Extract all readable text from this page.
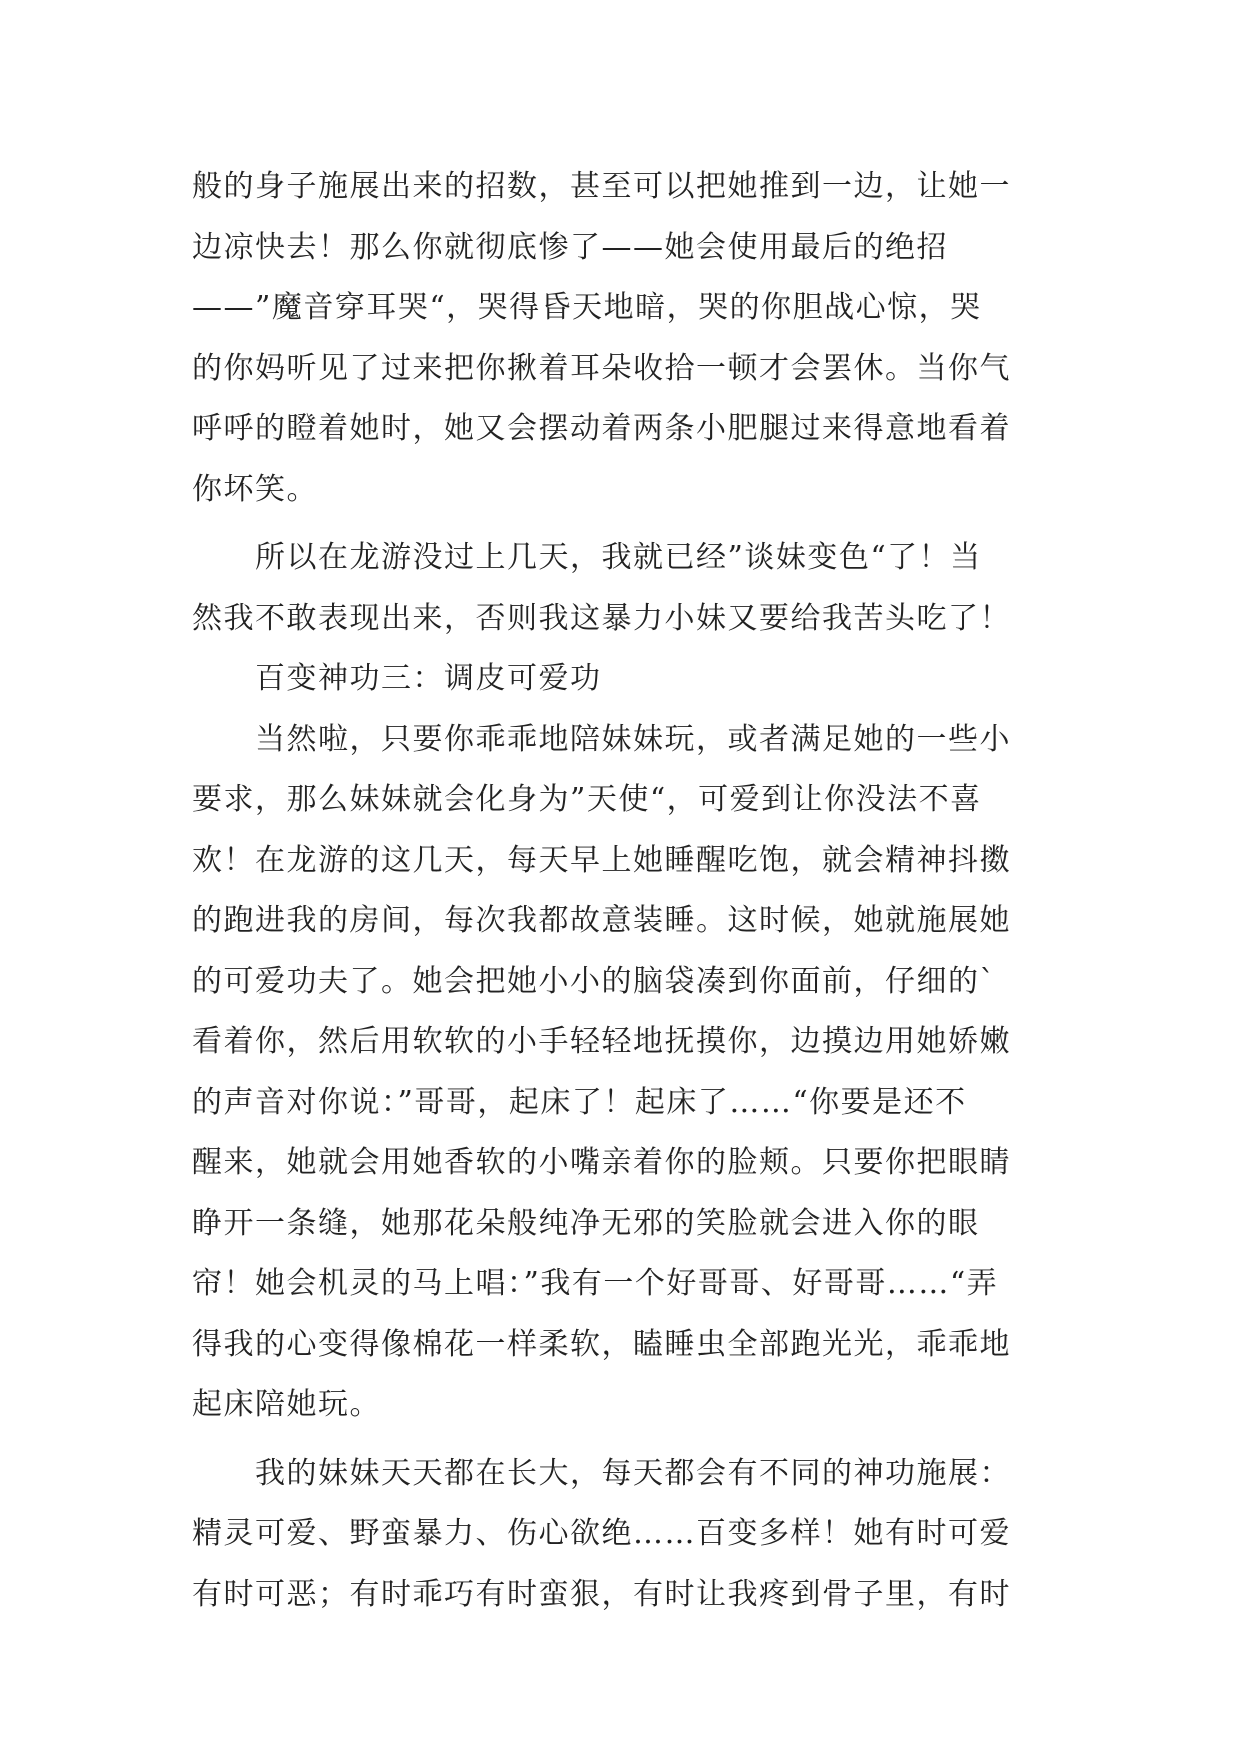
般的身子施展出来的招数，甚至可以把她推到一边，让她一
边凉快去！那么你就彻底惨了——她会使用最后的绝招
——”魔音穿耳哭“，哭得昏天地暗，哭的你胆战心惊，哭
的你妈听见了过来把你揪着耳朵收拾一顿才会罢休。当你气
呼呼的瞪着她时，她又会摆动着两条小肥腿过来得意地看着
你坏笑。
　　所以在龙游没过上几天，我就已经”谈妹变色“了！当
然我不敢表现出来，否则我这暴力小妹又要给我苦头吃了！
　　百变神功三：调皮可爱功
　　当然啦，只要你乖乖地陪妹妹玩，或者满足她的一些小
要求，那么妹妹就会化身为”天使“，可爱到让你没法不喜
欢！在龙游的这几天，每天早上她睡醒吃饱，就会精神抖擞
的跑进我的房间，每次我都故意装睡。这时候，她就施展她
的可爱功夫了。她会把她小小的脑袋凑到你面前，仔细的`
看着你，然后用软软的小手轻轻地抚摸你，边摸边用她娇嫩
的声音对你说：”哥哥，起床了！起床了……“你要是还不
醒来，她就会用她香软的小嘴亲着你的脸颊。只要你把眼睛
睁开一条缝，她那花朵般纯净无邪的笑脸就会进入你的眼
帘！她会机灵的马上唱：”我有一个好哥哥、好哥哥……“弄
得我的心变得像棉花一样柔软，瞌睡虫全部跑光光，乖乖地
起床陪她玩。
　　我的妹妹天天都在长大，每天都会有不同的神功施展：
精灵可爱、野蛮暴力、伤心欲绝……百变多样！她有时可爱
有时可恶；有时乖巧有时蛮狠，有时让我疼到骨子里，有时
